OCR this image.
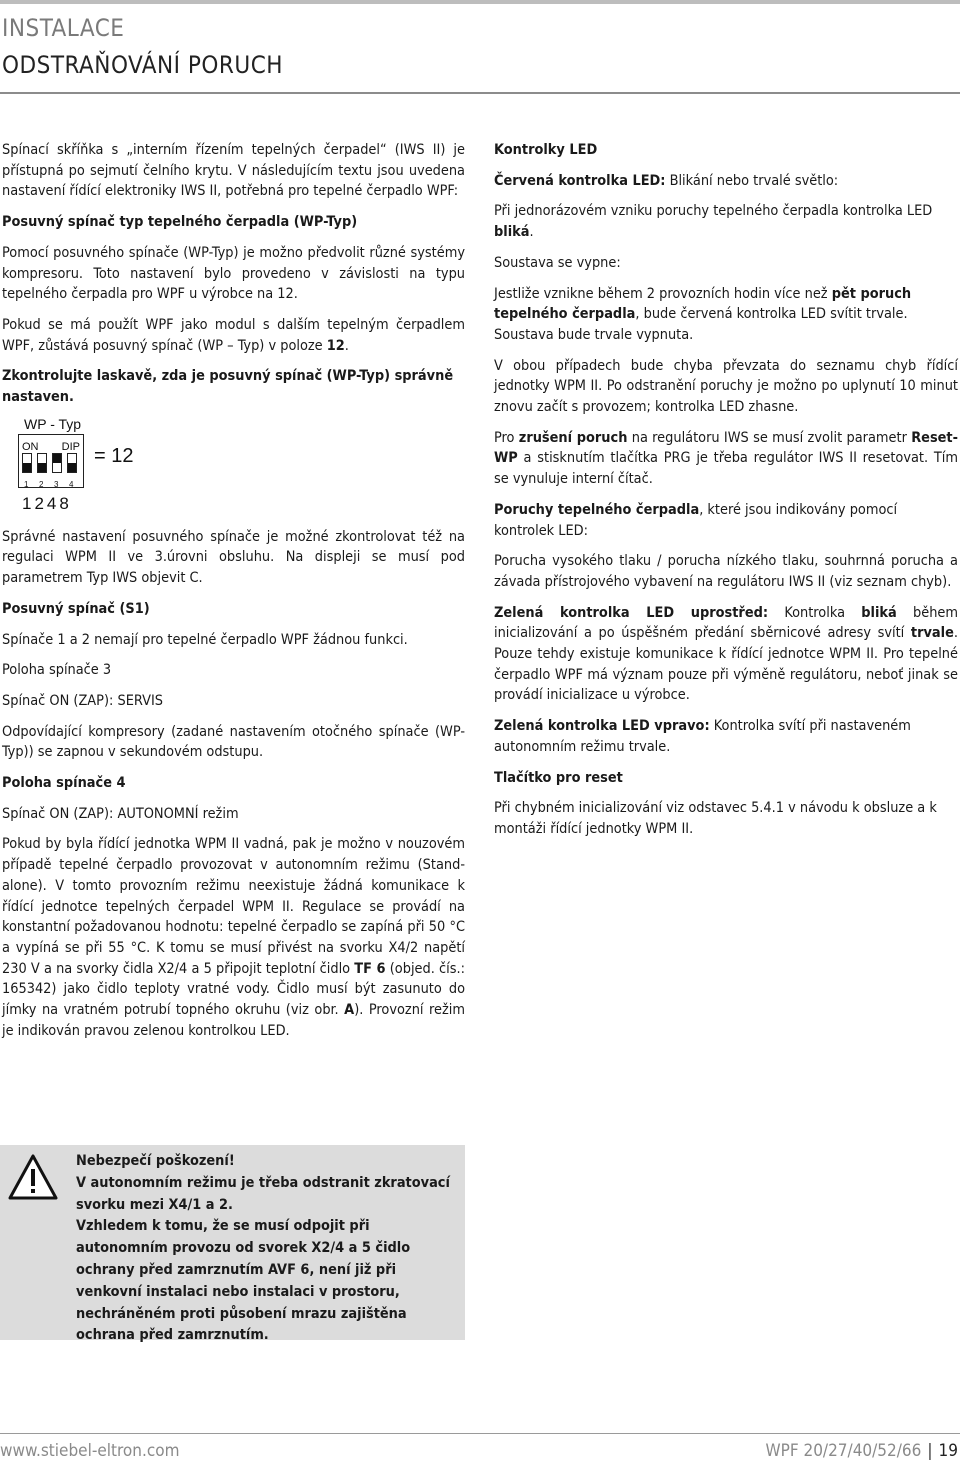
INSTALACE
ODSTRAŇOVÁNÍ PORUCH

Spínací skříňka s „interním řízením tepelných čerpadel“ (IWS II) je přístupná po sejmutí čelního krytu. V následujícím textu jsou uvedena nastavení řídící elektroniky IWS II, potřebná pro tepelné čerpadlo WPF:

Posuvný spínač typ tepelného čerpadla (WP-Typ)

Pomocí posuvného spínače (WP-Typ) je možno předvolit různé systémy kompresoru. Toto nastavení bylo provedeno v závislosti na typu tepelného čerpadla pro WPF u výrobce na 12.

Pokud se má použít WPF jako modul s dalším tepelným čerpadlem WPF, zůstává posuvný spínač (WP – Typ) v poloze 12.

Zkontrolujte laskavě, zda je posuvný spínač (WP-Typ) správně nastaven.

WP - Typ
ON DIP
1 2 3 4
= 12
1248

Správné nastavení posuvného spínače je možné zkontrolovat též na regulaci WPM II ve 3.úrovni obsluhu. Na displeji se musí pod parametrem Typ IWS objevit C.

Posuvný spínač (S1)

Spínače 1 a 2 nemají pro tepelné čerpadlo WPF žádnou funkci.

Poloha spínače 3

Spínač ON (ZAP): SERVIS

Odpovídající kompresory (zadané nastavením otočného spínače (WP-Typ)) se zapnou v sekundovém odstupu.

Poloha spínače 4

Spínač ON (ZAP): AUTONOMNÍ režim

Pokud by byla řídící jednotka WPM II vadná, pak je možno v nouzovém případě tepelné čerpadlo provozovat v autonomním režimu (Stand-alone). V tomto provozním režimu neexistuje žádná komunikace k řídící jednotce tepelných čerpadel WPM II. Regulace se provádí na konstantní požadovanou hodnotu: tepelné čerpadlo se zapíná při 50 °C a vypíná se při 55 °C. K tomu se musí přivést na svorku X4/2 napětí 230 V a na svorky čidla X2/4 a 5 připojit teplotní čidlo TF 6 (objed. čís.: 165342) jako čidlo teploty vratné vody. Čidlo musí být zasunuto do jímky na vratném potrubí topného okruhu (viz obr. A). Provozní režim je indikován pravou zelenou kontrolkou LED.

Nebezpečí poškození!

V autonomním režimu je třeba odstranit zkratovací svorku mezi X4/1 a 2.

Vzhledem k tomu, že se musí odpojit při autonomním provozu od svorek X2/4 a 5 čidlo ochrany před zamrznutím AVF 6, není již při venkovní instalaci nebo instalaci v prostoru, nechráněném proti působení mrazu zajištěna ochrana před zamrznutím.

Kontrolky LED

Červená kontrolka LED: Blikání nebo trvalé světlo:

Při jednorázovém vzniku poruchy tepelného čerpadla kontrolka LED bliká.

Soustava se vypne:

Jestliže vznikne během 2 provozních hodin více než pět poruch tepelného čerpadla, bude červená kontrolka LED svítit trvale. Soustava bude trvale vypnuta.

V obou případech bude chyba převzata do seznamu chyb řídící jednotky WPM II. Po odstranění poruchy je možno po uplynutí 10 minut znovu začít s provozem; kontrolka LED zhasne.

Pro zrušení poruch na regulátoru IWS se musí zvolit parametr Reset-WP a stisknutím tlačítka PRG je třeba regulátor IWS II resetovat. Tím se vynuluje interní čítač.

Poruchy tepelného čerpadla, které jsou indikovány pomocí kontrolek LED:

Porucha vysokého tlaku / porucha nízkého tlaku, souhrnná porucha a závada přístrojového vybavení na regulátoru IWS II (viz seznam chyb).

Zelená kontrolka LED uprostřed: Kontrolka bliká během inicializování a po úspěšném předání sběrnicové adresy svítí trvale. Pouze tehdy existuje komunikace k řídící jednotce WPM II. Pro tepelné čerpadlo WPF má význam pouze při výměně regulátoru, neboť jinak se provádí inicializace u výrobce.

Zelená kontrolka LED vpravo: Kontrolka svítí při nastaveném autonomním režimu trvale.

Tlačítko pro reset

Při chybném inicializování viz odstavec 5.4.1 v návodu k obsluze a k montáži řídící jednotky WPM II.

www.stiebel-eltron.com	WPF 20/27/40/52/66 | 19
